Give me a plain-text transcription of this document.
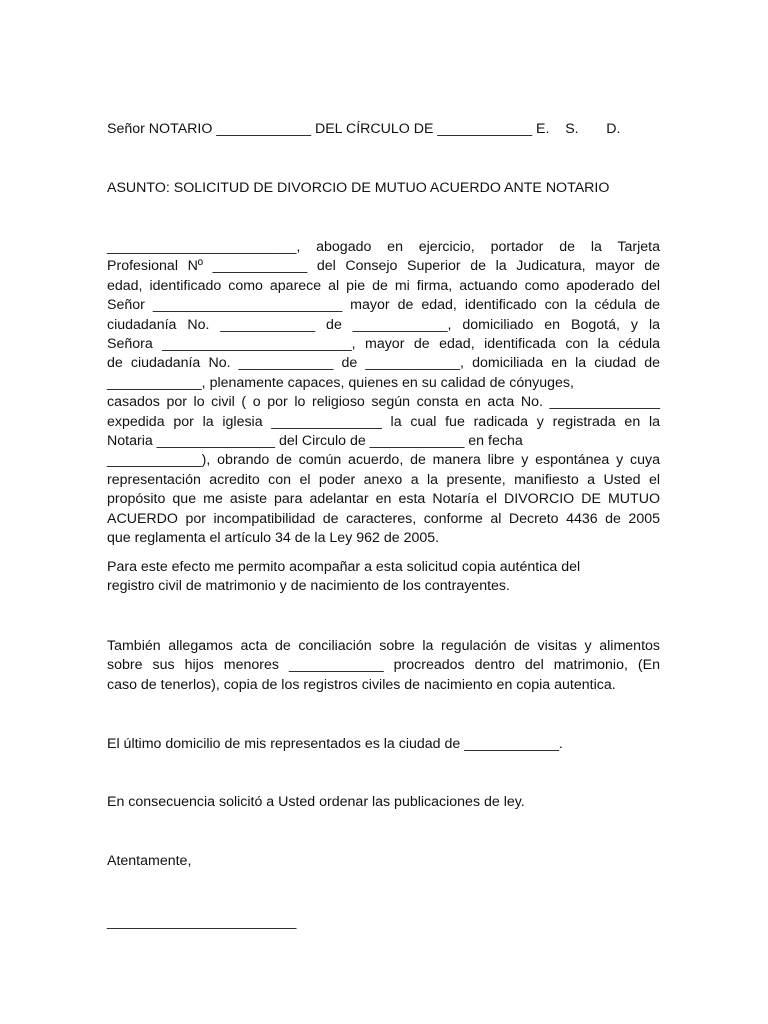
Señor NOTARIO ____________ DEL CÍRCULO DE ____________ E.    S.       D.

ASUNTO: SOLICITUD DE DIVORCIO DE MUTUO ACUERDO ANTE NOTARIO

________________________, abogado en ejercicio, portador de la Tarjeta
Profesional Nº ____________ del Consejo Superior de la Judicatura, mayor de
edad, identificado como aparece al pie de mi firma, actuando como apoderado del
Señor ________________________ mayor de edad, identificado con la cédula de
ciudadanía No. ____________ de ____________, domiciliado en Bogotá, y la
Señora ________________________, mayor de edad, identificada con la cédula
de ciudadanía No. ____________ de ____________, domiciliada en la ciudad de
____________, plenamente capaces, quienes en su calidad de cónyuges,
casados por lo civil ( o por lo religioso según consta en acta No. ______________
expedida por la iglesia ______________ la cual fue radicada y registrada en la
Notaria _______________ del Circulo de ____________ en fecha
____________), obrando de común acuerdo, de manera libre y espontánea y cuya
representación acredito con el poder anexo a la presente, manifiesto a Usted el
propósito que me asiste para adelantar en esta Notaría el DIVORCIO DE MUTUO
ACUERDO por incompatibilidad de caracteres, conforme al Decreto 4436 de 2005
que reglamenta el artículo 34 de la Ley 962 de 2005.
Para este efecto me permito acompañar a esta solicitud copia auténtica del
registro civil de matrimonio y de nacimiento de los contrayentes.
También allegamos acta de conciliación sobre la regulación de visitas y alimentos
sobre sus hijos menores ____________ procreados dentro del matrimonio, (En
caso de tenerlos), copia de los registros civiles de nacimiento en copia autentica.

El último domicilio de mis representados es la ciudad de ____________.

En consecuencia solicitó a Usted ordenar las publicaciones de ley.

Atentamente,

________________________
